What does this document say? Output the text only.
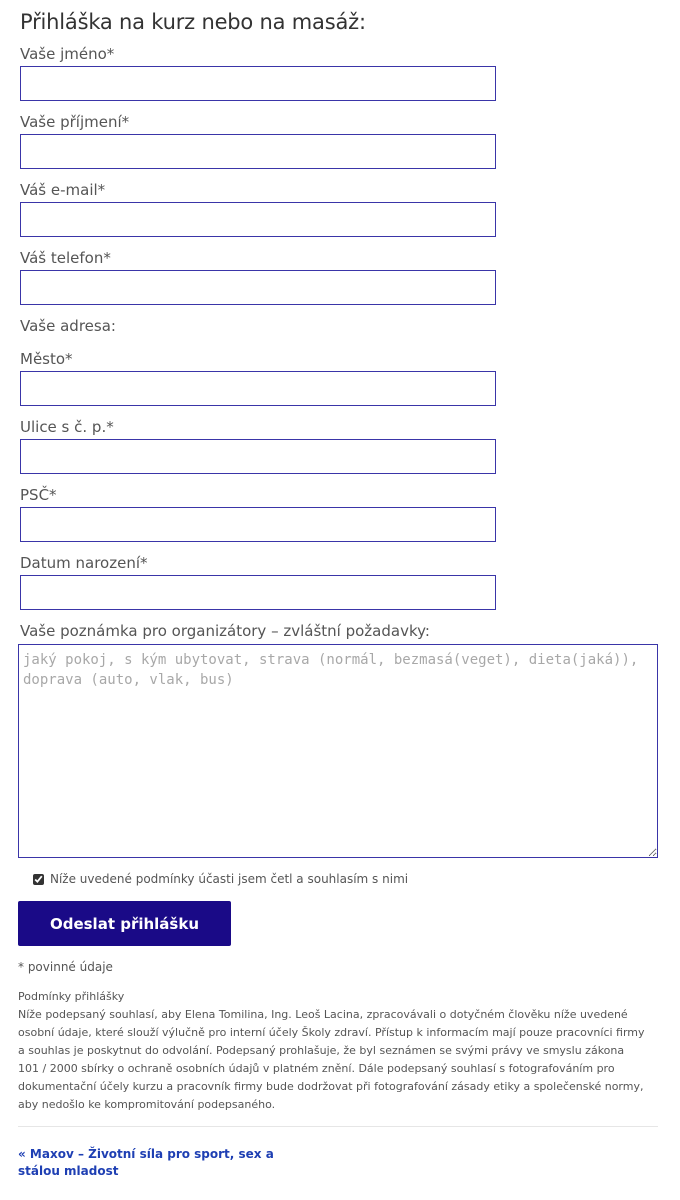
Přihláška na kurz nebo na masáž:
Vaše jméno*
Vaše příjmení*
Váš e-mail*
Váš telefon*
Vaše adresa:
Město*
Ulice s č. p.*
PSČ*
Datum narození*
Vaše poznámka pro organizátory – zvláštní požadavky:
jaký pokoj, s kým ubytovat, strava (normál, bezmasá(veget), dieta(jaká)), doprava (auto, vlak, bus)
Níže uvedené podmínky účasti jsem četl a souhlasím s nimi
Odeslat přihlášku
* povinné údaje
Podmínky přihlášky

Níže podepsaný souhlasí, aby Elena Tomilina, Ing. Leoš Lacina, zpracovávali o dotyčném člověku níže uvedené osobní údaje, které slouží výlučně pro interní účely Školy zdraví. Přístup k informacím mají pouze pracovníci firmy a souhlas je poskytnut do odvolání. Podepsaný prohlašuje, že byl seznámen se svými právy ve smyslu zákona 101 / 2000 sbírky o ochraně osobních údajů v platném znění. Dále podepsaný souhlasí s fotografováním pro dokumentační účely kurzu a pracovník firmy bude dodržovat při fotografování zásady etiky a společenské normy, aby nedošlo ke kompromitování podepsaného.

« Maxov – Životní síla pro sport, sex a stálou mladost
